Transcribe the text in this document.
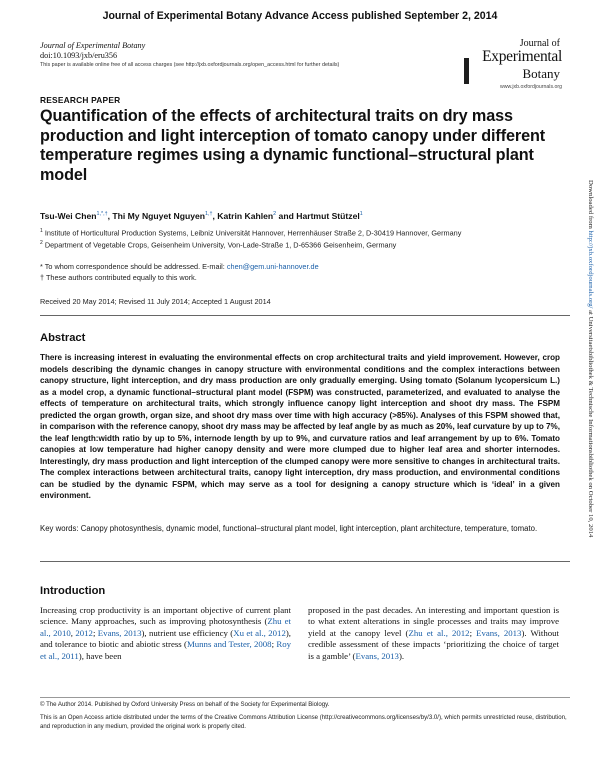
Journal of Experimental Botany Advance Access published September 2, 2014
Journal of Experimental Botany
doi:10.1093/jxb/eru356
This paper is available online free of all access charges (see http://jxb.oxfordjournals.org/open_access.html for further details)
Journal of
Experimental
Botany
www.jxb.oxfordjournals.org
RESEARCH PAPER
Quantification of the effects of architectural traits on dry mass production and light interception of tomato canopy under different temperature regimes using a dynamic functional–structural plant model
Tsu-Wei Chen$^{1,*,\dagger}$, Thi My Nguyet Nguyen$^{1,\dagger}$, Katrin Kahlen$^2$ and Hartmut Stützel$^1$
$^1$ Institute of Horticultural Production Systems, Leibniz Universität Hannover, Herrenhäuser Straße 2, D-30419 Hannover, Germany
$^2$ Department of Vegetable Crops, Geisenheim University, Von-Lade-Straße 1, D-65366 Geisenheim, Germany
* To whom correspondence should be addressed. E-mail: chen@gem.uni-hannover.de
† These authors contributed equally to this work.
Received 20 May 2014; Revised 11 July 2014; Accepted 1 August 2014
Abstract
There is increasing interest in evaluating the environmental effects on crop architectural traits and yield improvement. However, crop models describing the dynamic changes in canopy structure with environmental conditions and the complex interactions between canopy structure, light interception, and dry mass production are only gradually emerging. Using tomato (Solanum lycopersicum L.) as a model crop, a dynamic functional–structural plant model (FSPM) was constructed, parameterized, and evaluated to analyse the effects of temperature on architectural traits, which strongly influence canopy light interception and shoot dry mass. The FSPM predicted the organ growth, organ size, and shoot dry mass over time with high accuracy (>85%). Analyses of this FSPM showed that, in comparison with the reference canopy, shoot dry mass may be affected by leaf angle by as much as 20%, leaf curvature by up to 7%, the leaf length:width ratio by up to 5%, internode length by up to 9%, and curvature ratios and leaf arrangement by up to 6%. Tomato canopies at low temperature had higher canopy density and were more clumped due to higher leaf area and shorter internodes. Interestingly, dry mass production and light interception of the clumped canopy were more sensitive to changes in architectural traits. The complex interactions between architectural traits, canopy light interception, dry mass production, and environmental conditions can be studied by the dynamic FSPM, which may serve as a tool for designing a canopy structure which is ‘ideal’ in a given environment.
Key words: Canopy photosynthesis, dynamic model, functional–structural plant model, light interception, plant architecture, temperature, tomato.
Introduction
Increasing crop productivity is an important objective of current plant science. Many approaches, such as improving photosynthesis (Zhu et al., 2010, 2012; Evans, 2013), nutrient use efficiency (Xu et al., 2012), and tolerance to biotic and abiotic stress (Munns and Tester, 2008; Roy et al., 2011), have been
proposed in the past decades. An interesting and important question is to what extent alterations in single processes and traits may improve yield at the canopy level (Zhu et al., 2012; Evans, 2013). Without credible assessment of these impacts ‘prioritizing the choice of target is a gamble’ (Evans, 2013).
© The Author 2014. Published by Oxford University Press on behalf of the Society for Experimental Biology.
This is an Open Access article distributed under the terms of the Creative Commons Attribution License (http://creativecommons.org/licenses/by/3.0/), which permits unrestricted reuse, distribution, and reproduction in any medium, provided the original work is properly cited.
Downloaded from http://jxb.oxfordjournals.org/ at Universitaetsbibliothek & Technische Informationsbibliothek on October 10, 2014
